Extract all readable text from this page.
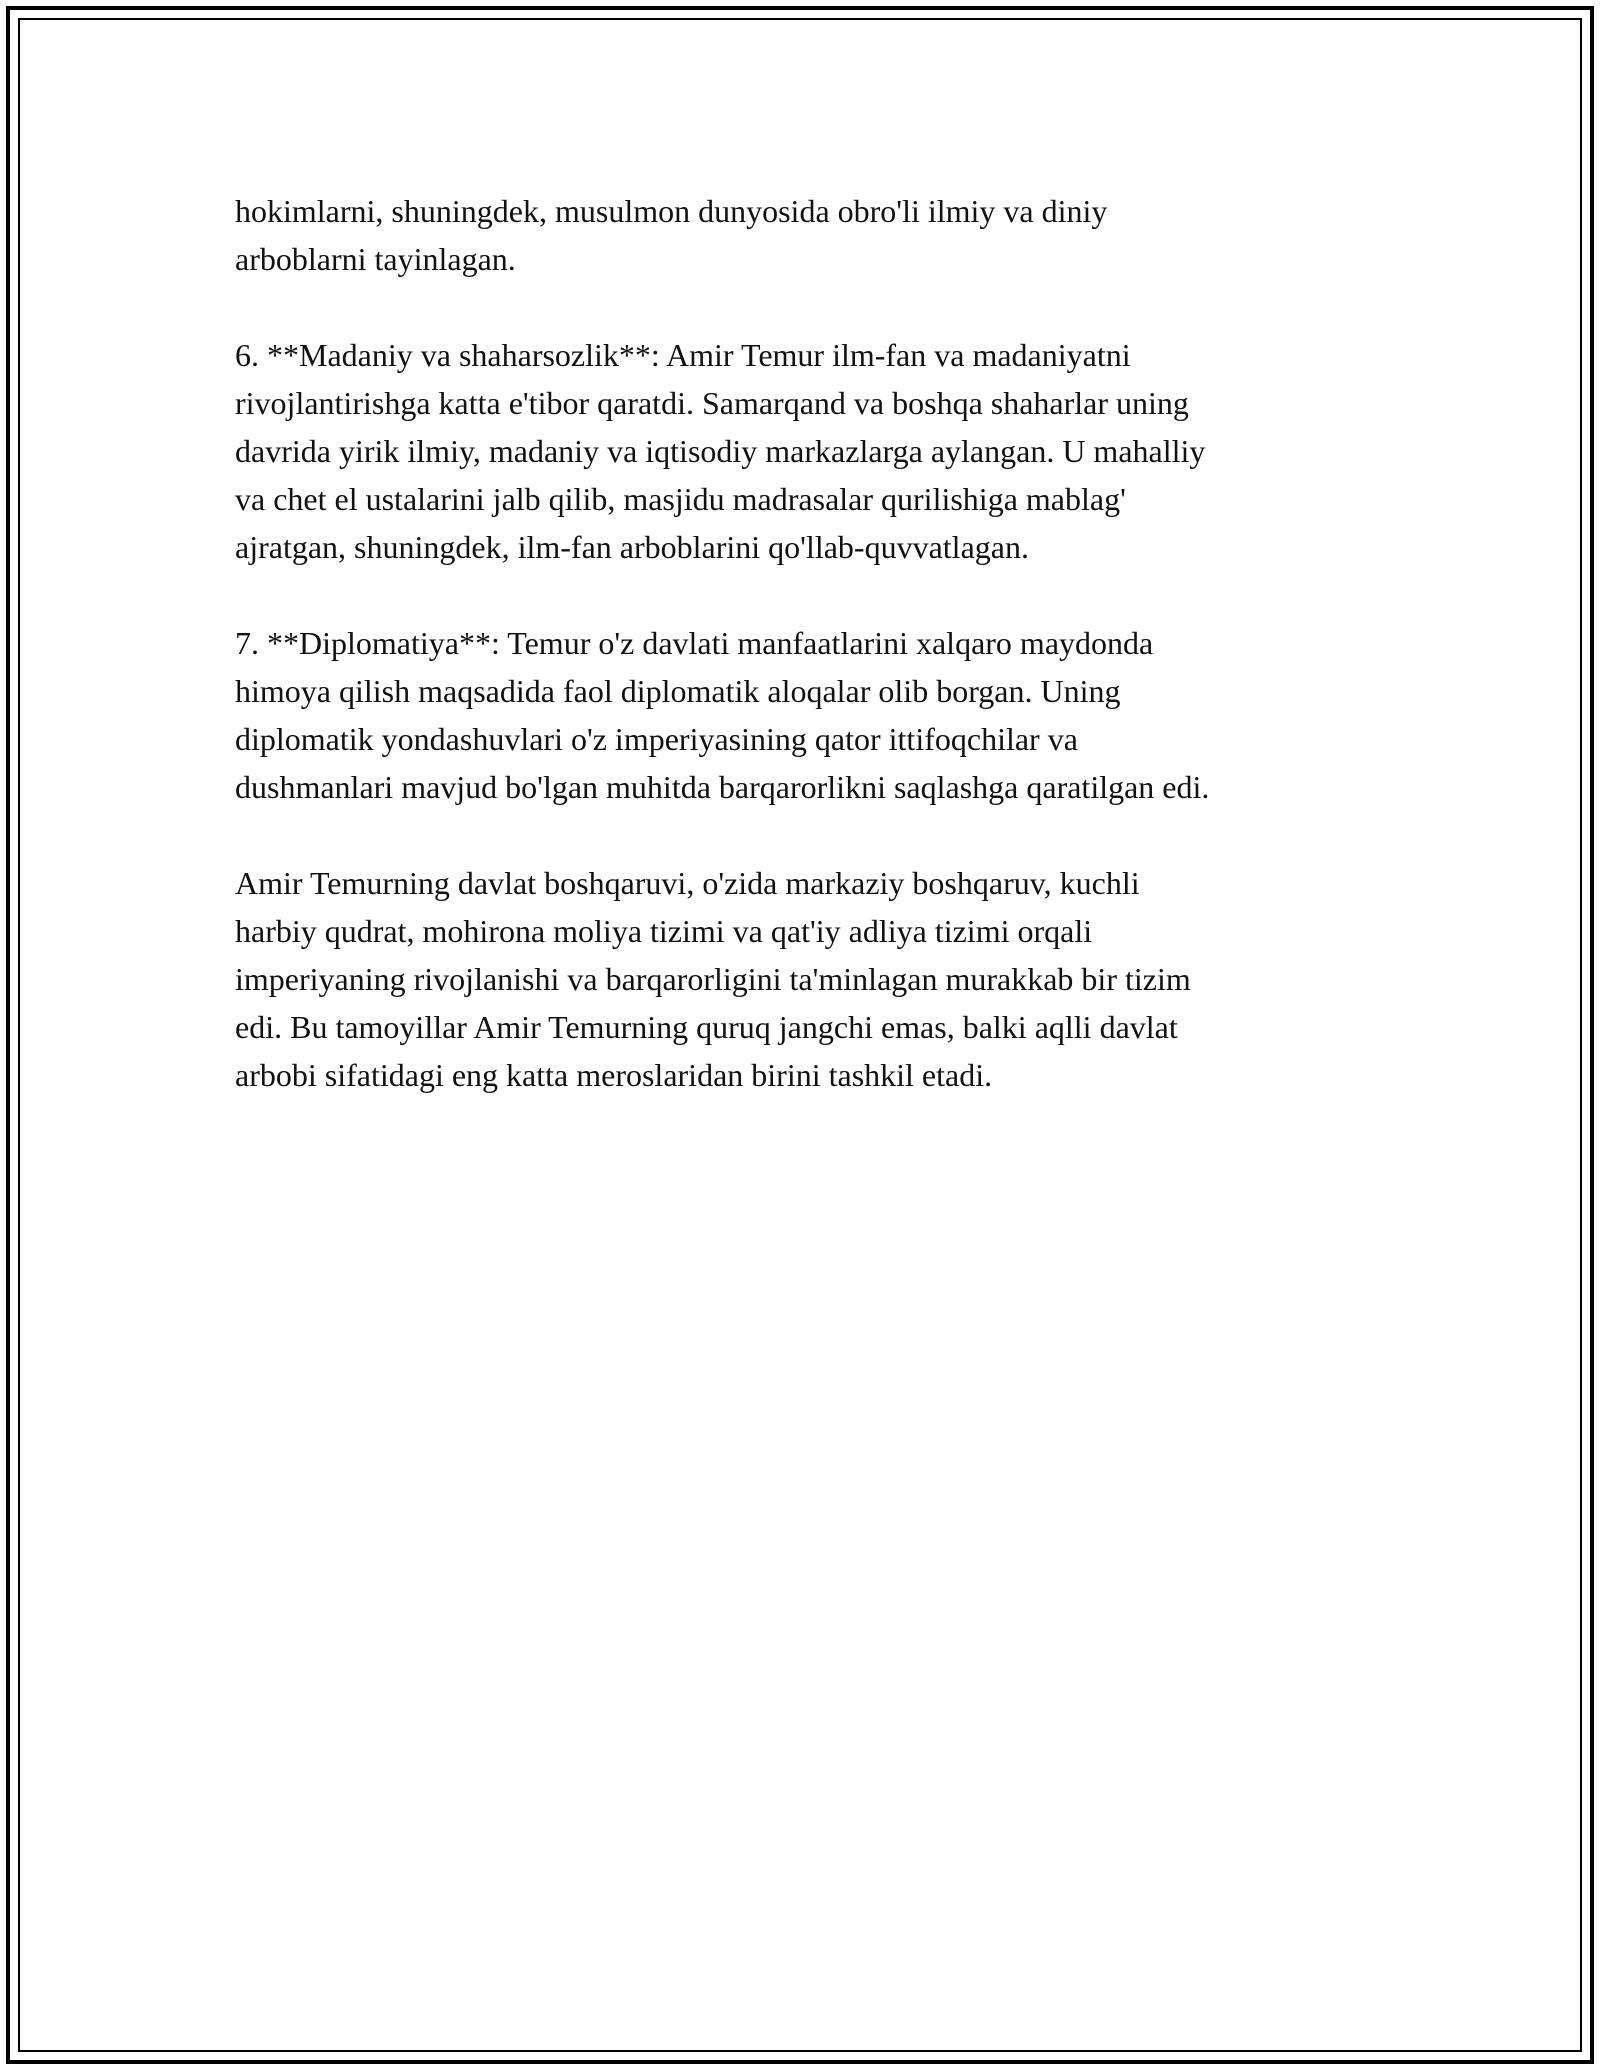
hokimlarni, shuningdek, musulmon dunyosida obro'li ilmiy va diniy
arboblarni tayinlagan.

6. **Madaniy va shaharsozlik**: Amir Temur ilm-fan va madaniyatni
rivojlantirishga katta e'tibor qaratdi. Samarqand va boshqa shaharlar uning
davrida yirik ilmiy, madaniy va iqtisodiy markazlarga aylangan. U mahalliy
va chet el ustalarini jalb qilib, masjidu madrasalar qurilishiga mablag'
ajratgan, shuningdek, ilm-fan arboblarini qo'llab-quvvatlagan.

7. **Diplomatiya**: Temur o'z davlati manfaatlarini xalqaro maydonda
himoya qilish maqsadida faol diplomatik aloqalar olib borgan. Uning
diplomatik yondashuvlari o'z imperiyasining qator ittifoqchilar va
dushmanlari mavjud bo'lgan muhitda barqarorlikni saqlashga qaratilgan edi.

Amir Temurning davlat boshqaruvi, o'zida markaziy boshqaruv, kuchli
harbiy qudrat, mohirona moliya tizimi va qat'iy adliya tizimi orqali
imperiyaning rivojlanishi va barqarorligini ta'minlagan murakkab bir tizim
edi. Bu tamoyillar Amir Temurning quruq jangchi emas, balki aqlli davlat
arbobi sifatidagi eng katta meroslaridan birini tashkil etadi.
